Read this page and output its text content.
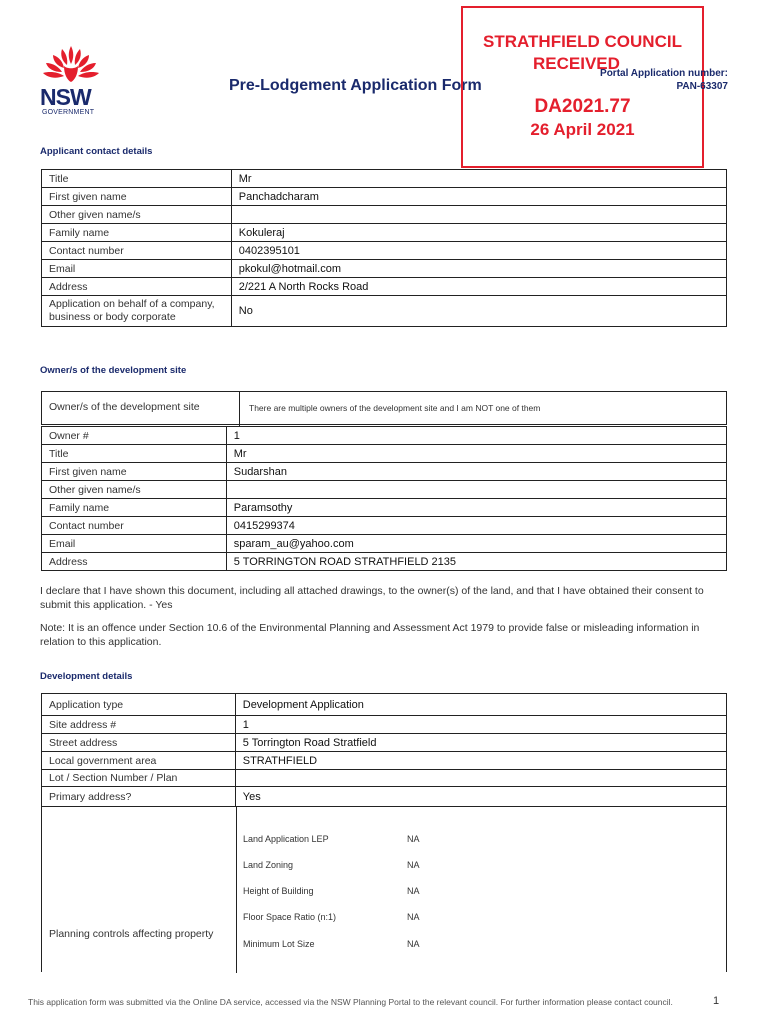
NSW
GOVERNMENT
Pre-Lodgement Application Form
STRATHFIELD COUNCIL
RECEIVED
DA2021.77
26 April 2021
Portal Application number:
PAN-63307
Applicant contact details
Title	Mr
First given name	Panchadcharam
Other given name/s	
Family name	Kokuleraj
Contact number	0402395101
Email	pkokul@hotmail.com
Address	2/221 A North Rocks Road
Application on behalf of a company, business or body corporate	No
Owner/s of the development site
Owner/s of the development site	There are multiple owners of the development site and I am NOT one of them
Owner #	1
Title	Mr
First given name	Sudarshan
Other given name/s	
Family name	Paramsothy
Contact number	0415299374
Email	sparam_au@yahoo.com
Address	5 TORRINGTON ROAD STRATHFIELD 2135
I declare that I have shown this document, including all attached drawings, to the owner(s) of the land, and that I have obtained their consent to submit this application. - Yes
Note: It is an offence under Section 10.6 of the Environmental Planning and Assessment Act 1979 to provide false or misleading information in relation to this application.
Development details
Application type	Development Application
Site address #	1
Street address	5 Torrington Road Stratfield
Local government area	STRATHFIELD
Lot / Section Number / Plan	
Primary address?	Yes
Planning controls affecting property
Land Application LEP	NA
Land Zoning	NA
Height of Building	NA
Floor Space Ratio (n:1)	NA
Minimum Lot Size	NA
This application form was submitted via the Online DA service, accessed via the NSW Planning Portal to the relevant council. For further information please contact council.	1
